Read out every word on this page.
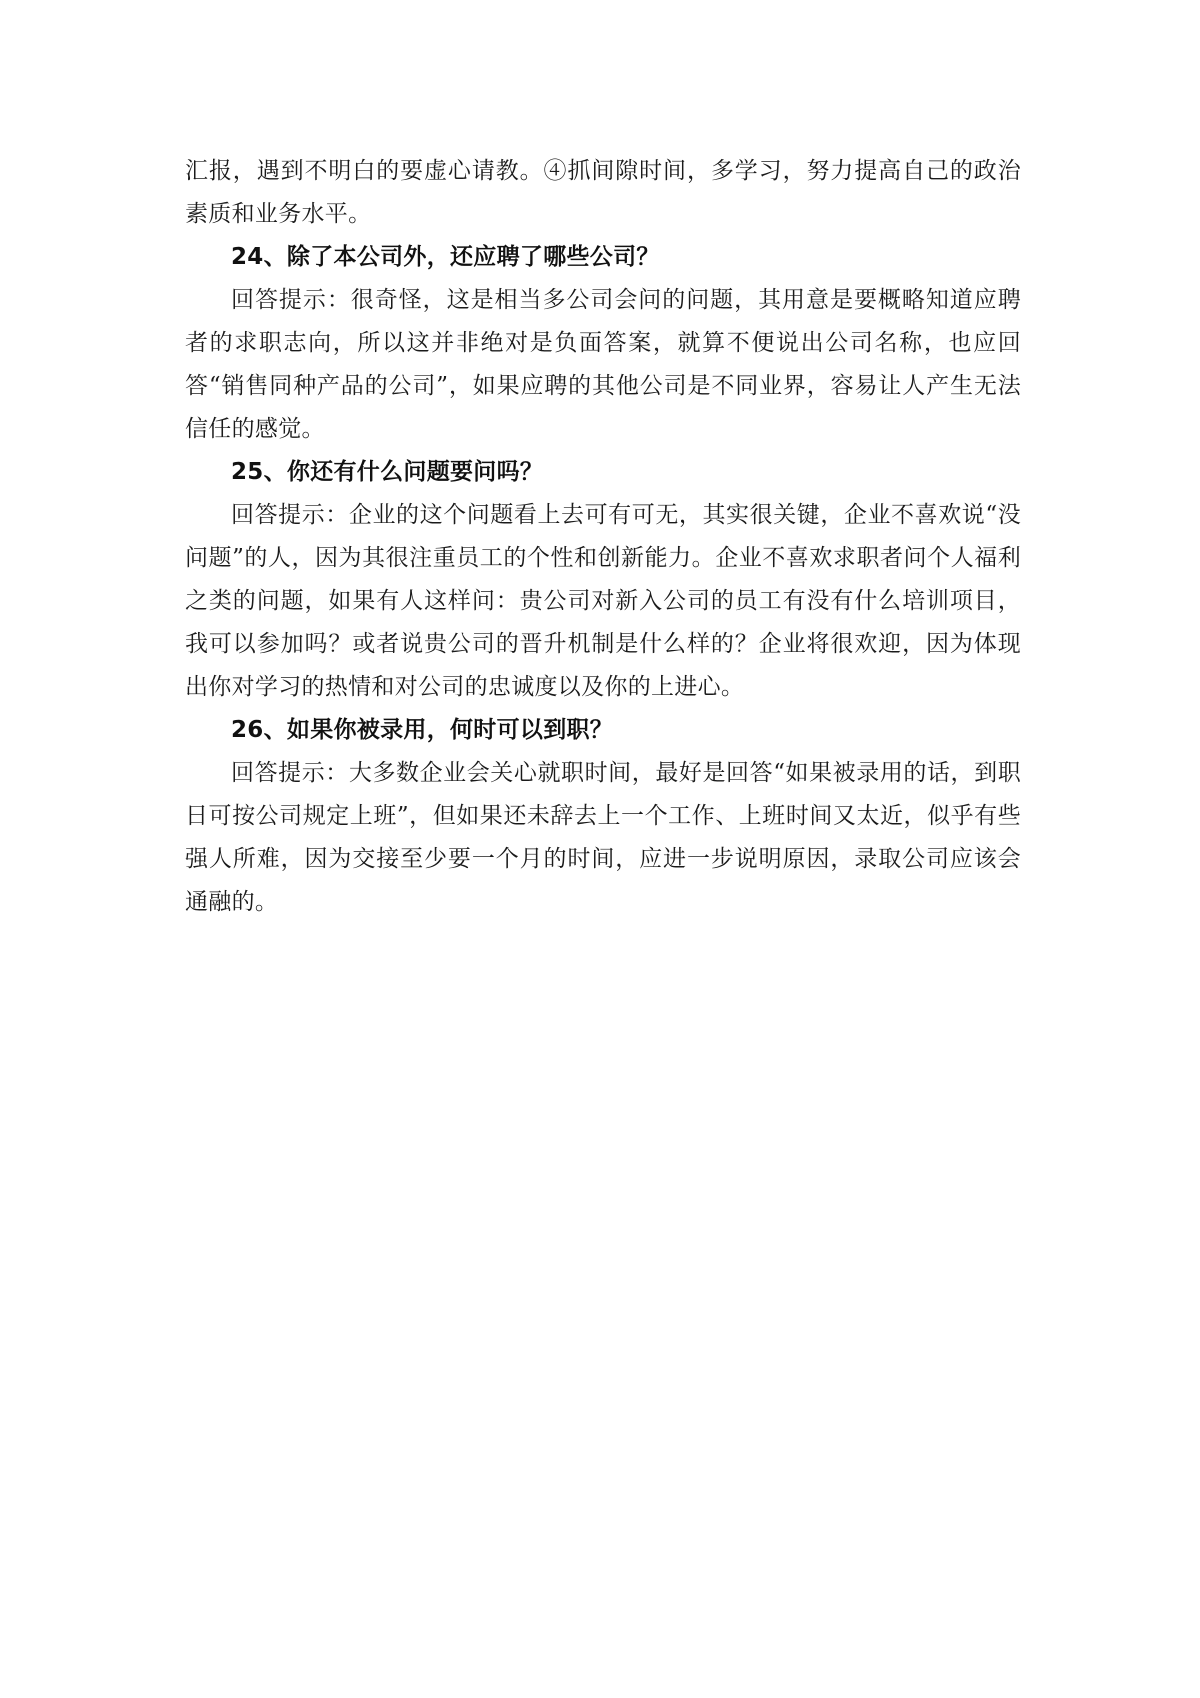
汇报，遇到不明白的要虚心请教。④抓间隙时间，多学习，努力提高自己的政治素质和业务水平。

24、除了本公司外，还应聘了哪些公司？

回答提示：很奇怪，这是相当多公司会问的问题，其用意是要概略知道应聘者的求职志向，所以这并非绝对是负面答案，就算不便说出公司名称，也应回答“销售同种产品的公司”，如果应聘的其他公司是不同业界，容易让人产生无法信任的感觉。

25、你还有什么问题要问吗？

回答提示：企业的这个问题看上去可有可无，其实很关键，企业不喜欢说“没问题”的人，因为其很注重员工的个性和创新能力。企业不喜欢求职者问个人福利之类的问题，如果有人这样问：贵公司对新入公司的员工有没有什么培训项目，我可以参加吗？或者说贵公司的晋升机制是什么样的？企业将很欢迎，因为体现出你对学习的热情和对公司的忠诚度以及你的上进心。

26、如果你被录用，何时可以到职？

回答提示：大多数企业会关心就职时间，最好是回答“如果被录用的话，到职日可按公司规定上班”，但如果还未辞去上一个工作、上班时间又太近，似乎有些强人所难，因为交接至少要一个月的时间，应进一步说明原因，录取公司应该会通融的。
